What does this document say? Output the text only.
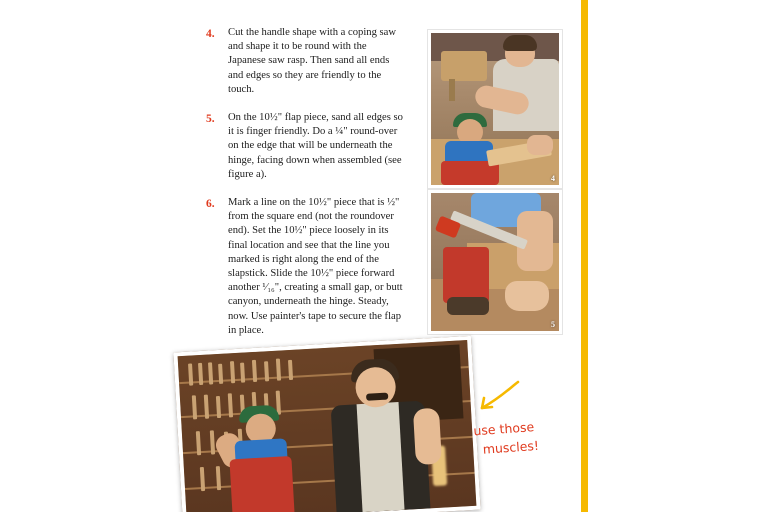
4.	Cut the handle shape with a coping saw and shape it to be round with the Japanese saw rasp. Then sand all ends and edges so they are friendly to the touch.
5.	On the 10½" flap piece, sand all edges so it is finger friendly. Do a ¼" round-over on the edge that will be underneath the hinge, facing down when assembled (see figure a).
6.	Mark a line on the 10½" piece that is ½" from the square end (not the roundover end). Set the 10½" piece loosely in its final location and see that the line you marked is right along the end of the slapstick. Slide the 10½" piece forward another ¹⁄₁₆", creating a small gap, or butt canyon, underneath the hinge. Steady, now. Use painter's tape to secure the flap in place.
4
5
use those
muscles!
